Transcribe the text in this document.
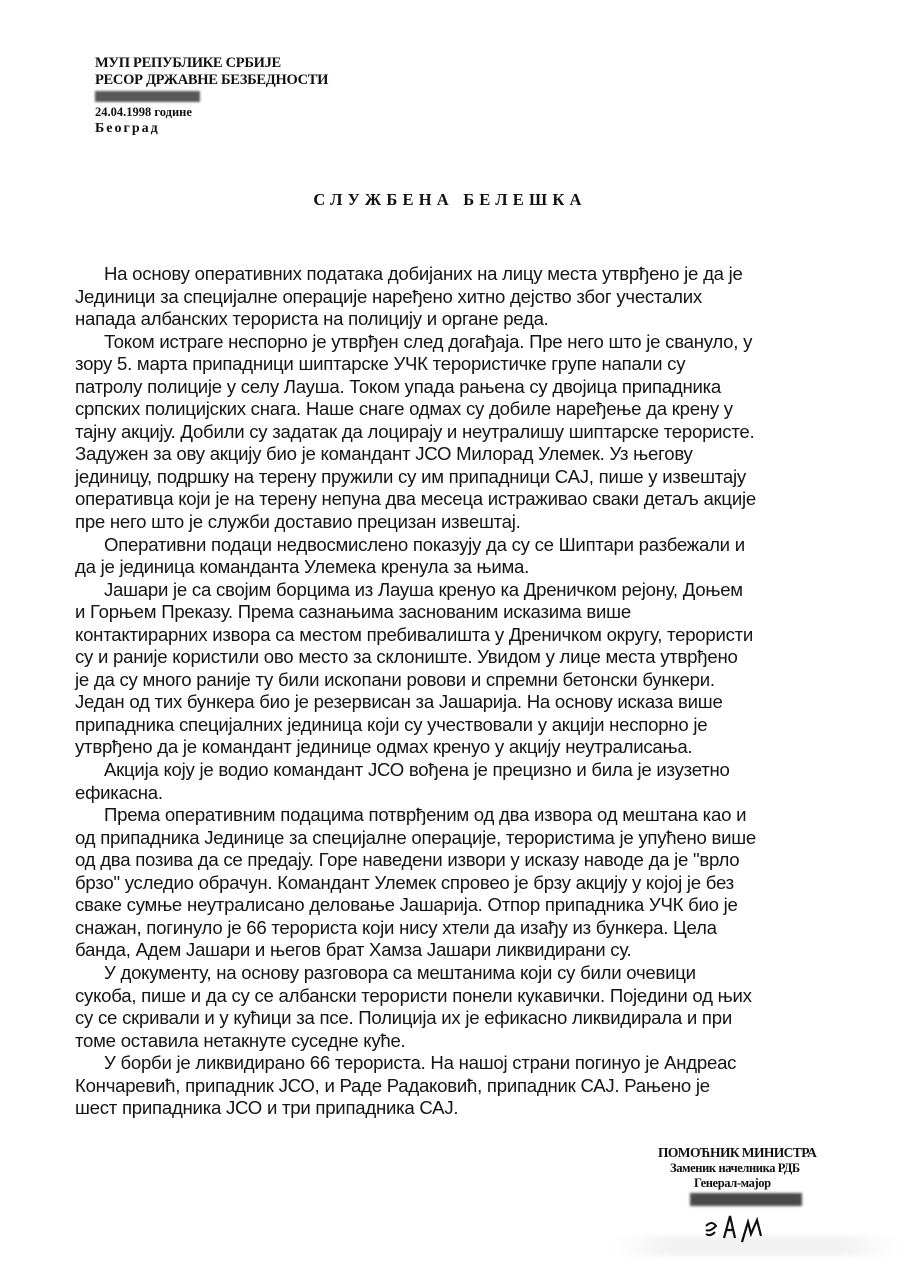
МУП РЕПУБЛИКЕ СРБИЈЕ
РЕСОР ДРЖАВНЕ БЕЗБЕДНОСТИ
24.04.1998 године
Београд
СЛУЖБЕНА БЕЛЕШКА
На основу оперативних података добијаних на лицу места утврђено је да је
Јединици за специјалне операције наређено хитно дејство због учесталих
напада албанских терориста на полицију и органе реда.
Током истраге неспорно је утврђен след догађаја. Пре него што је свануло, у
зору 5. марта припадници шиптарске УЧК терористичке групе напали су
патролу полиције у селу Лауша. Током упада рањена су двојица припадника
српских полицијских снага. Наше снаге одмах су добиле наређење да крену у
тајну акцију. Добили су задатак да лоцирају и неутралишу шиптарске терористе.
Задужен за ову акцију био је командант ЈСО Милорад Улемек. Уз његову
јединицу, подршку на терену пружили су им припадници САЈ, пише у извештају
оперативца који је на терену непуна два месеца истраживао сваки детаљ акције
пре него што је служби доставио прецизан извештај.
Оперативни подаци недвосмислено показују да су се Шиптари разбежали и
да је јединица команданта Улемека кренула за њима.
Јашари је са својим борцима из Лауша кренуо ка Дреничком рејону, Доњем
и Горњем Преказу. Према сазнањима заснованим исказима више
контактирарних извора са местом пребивалишта у Дреничком округу, терористи
су и раније користили ово место за склониште. Увидом у лице места утврђено
је да су много раније ту били ископани ровови и спремни бетонски бункери.
Један од тих бункера био је резервисан за Јашарија. На основу исказа више
припадника специјалних јединица који су учествовали у акцији неспорно је
утврђено да је командант јединице одмах кренуо у акцију неутралисања.
Акција коју је водио командант ЈСО вођена је прецизно и била је изузетно
ефикасна.
Према оперативним подацима потврђеним од два извора од мештана као и
од припадника Јединице за специјалне операције, терористима је упућено више
од два позива да се предају. Горе наведени извори у исказу наводе да је "врло
брзо" уследио обрачун. Командант Улемек спровео је брзу акцију у којој је без
сваке сумње неутралисано деловање Јашарија. Отпор припадника УЧК био је
снажан, погинуло је 66 терориста који нису хтели да изађу из бункера. Цела
банда, Адем Јашари и његов брат Хамза Јашари ликвидирани су.
У документу, на основу разговора са мештанима који су били очевици
сукоба, пише и да су се албански терористи понели кукавички. Поједини од њих
су се скривали и у кућици за псе. Полиција их је ефикасно ликвидирала и при
томе оставила нетакнуте суседне куће.
У борби је ликвидирано 66 терориста. На нашој страни погинуо је Андреас
Кончаревић, припадник ЈСО, и Раде Радаковић, припадник САЈ. Рањено је
шест припадника ЈСО и три припадника САЈ.
ПОМОЋНИК МИНИСТРА
Заменик начелника РДБ
Генерал-мајор
